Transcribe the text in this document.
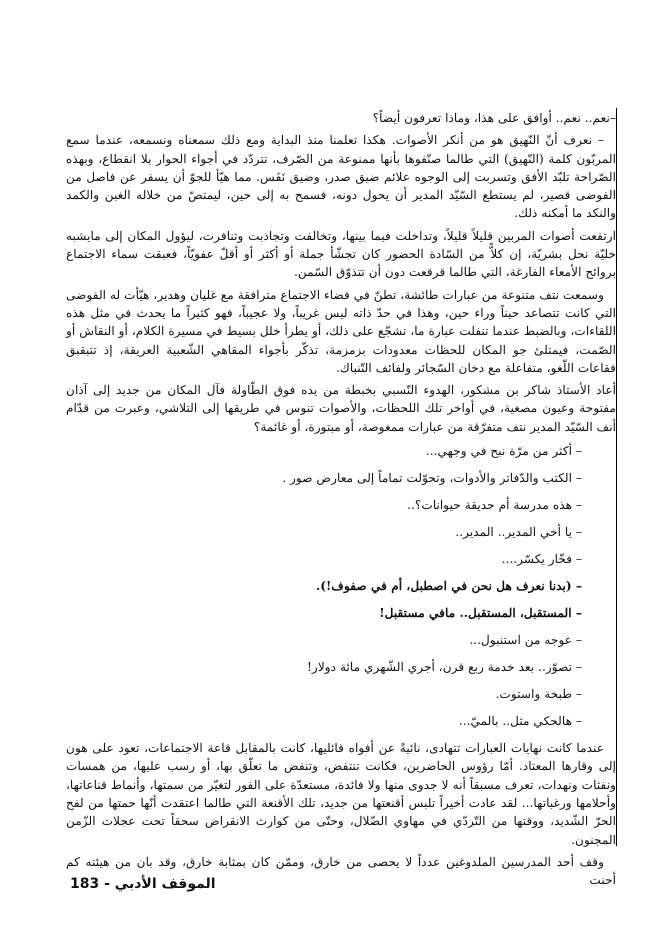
–نعم.. نعم.. أوافق على هذا، وماذا تعرفون أيضاً؟

– نعرف أنّ النّهيق هو من أنكر الأصوات. هكذا تعلمنا منذ البداية ومع ذلك سمعناه ونسمعه، عندما سمع المربّون كلمة (النّهيق) التي طالما صنّفوها بأنها ممنوعة من الصّرف، تتردّد في أجواء الحوار بلا انقطاع، وبهذه الصّراحة تلبّد الأفق وتسربت إلى الوجوه علائم ضيق صدر، وضيق نَفَس. مما هيّأ للجوّ أن يسفر عن فاصل من الفوضى قصير، لم يستطع السّيّد المدير أن يحول دونه، فسمح به إلى حين، ليمتصّ من خلاله الغبن والكمد والنكد ما أمكنه ذلك.

ارتفعت أصوات المربين قليلاً قليلاً، وتداخلت فيما بينها، وتخالفت وتجاذبت وتنافرت، ليؤول المكان إلى مايشبه خليّة نحل بشريّة، إن كلاًّ من السّادة الحضور كان تجشّأ جملة أو أكثر أو أقلّ عفويّاً، فعبقت سماء الاجتماع بروائح الأمعاء الفارغة، التي طالما قرقعت دون أن تتذوّق السّمن.

وسمعت نتف متنوعة من عبارات طائشة، تطنّ في فضاء الاجتماع مترافقة مع غليان وهدير، هيّأت له الفوضى التي كانت تتصاعد حيناً وراء حين، وهذا في حدّ ذاته ليس غريباً، ولا عجيباً، فهو كثيراً ما يحدث في مثل هذه اللقاءات، وبالضبط عندما تنفلت عبارة ما، تشجّع على ذلك، أو يطرأ خلل بسيط في مسيرة الكلام، أو النقاش أو الصّمت، فيمتلئ جو المكان للحظات معدودات بزمزمة، تذكّر بأجواء المقاهي الشّعبية العريقة، إذ تتبقبق فقاعات اللّغو، متفاعلة مع دخان السّجائر ولفائف التّنباك.

أعاد الأستاذ شاكر بن مشكور، الهدوء النّسبي بخبطة من يده فوق الطّاولة فآل المكان من جديد إلى آذان مفتوحة وعيون مصغية، في أواخر تلك اللحظات، والأصوات تنوس في طريقها إلى التلاشي، وعبرت من قدّام أنف السّيّد المدير نتف متفرّقة من عبارات ممغوصة، أو مبتورة، أو غائمة؟

– أكثر من مرّة نبح في وجهي...

– الكتب والدّفاتر والأدوات، وتحوّلت تماماً إلى معارض صور .

– هذه مدرسة أم حديقة حيوانات؟..

– يا أخي المدير.. المدير..

– فخّار يكسّر....

– (بدنا نعرف هل نحن في اصطبل، أم في صفوف!).

– المستقبل، المستقبل.. مافي مستقبل!

– عوجه من استنبول...

– تصوّر.. بعد خدمة ربع قرن، أجري الشّهري مائة دولار!

– طبخة واستوت.

– هالحكي مثل.. بالميّ...

عندما كانت نهايات العبارات تتهادى، نائيةً عن أفواه قائليها، كانت بالمقابل قاعة الاجتماعات، تعود على هون إلى وقارها المعتاد. أمّا رؤوس الحاضرين، فكانت تنتفض، وتنفض ما تعلّق بها، أو رسب عليها، من همسات ونفثات ونهدات، تعرف مسبقاً أنه لا جدوى منها ولا فائدة، مستعدّة على الفور لتغيّر من سمتها، وأنماط قناعاتها، وأحلامها ورغباتها... لقد عادت أخيراً تلبس أقنعتها من جديد، تلك الأقنعة التي طالما اعتقدت أنّها حمتها من لفح الحرّ الشّديد، ووقتها من التّردّي في مهاوي الضّلال، وحتّى من كوارث الانقراض سحقاً تحت عجلات الزّمن المجنون.

وقف أحد المدرسين الملدوغين عدداً لا يحصى من خارق، وممّن كان بمثابة خارق، وقد بان من هيئته كم أحنت

الموقف الأدبي - 183
